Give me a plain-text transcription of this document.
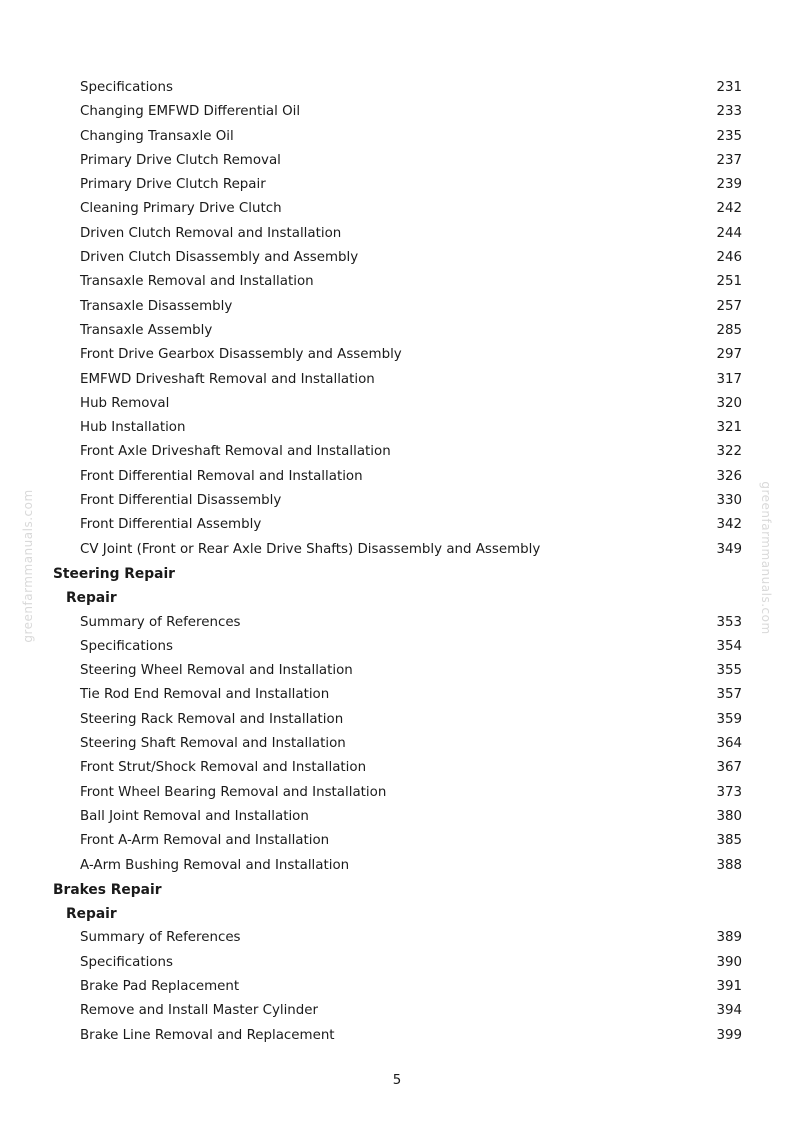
greenfarmmanuals.com	greenfarmmanuals.com
Specifications	231
Changing EMFWD Differential Oil	233
Changing Transaxle Oil	235
Primary Drive Clutch Removal	237
Primary Drive Clutch Repair	239
Cleaning Primary Drive Clutch	242
Driven Clutch Removal and Installation	244
Driven Clutch Disassembly and Assembly	246
Transaxle Removal and Installation	251
Transaxle Disassembly	257
Transaxle Assembly	285
Front Drive Gearbox Disassembly and Assembly	297
EMFWD Driveshaft Removal and Installation	317
Hub Removal	320
Hub Installation	321
Front Axle Driveshaft Removal and Installation	322
Front Differential Removal and Installation	326
Front Differential Disassembly	330
Front Differential Assembly	342
CV Joint (Front or Rear Axle Drive Shafts) Disassembly and Assembly	349
Steering Repair
Repair
Summary of References	353
Specifications	354
Steering Wheel Removal and Installation	355
Tie Rod End Removal and Installation	357
Steering Rack Removal and Installation	359
Steering Shaft Removal and Installation	364
Front Strut/Shock Removal and Installation	367
Front Wheel Bearing Removal and Installation	373
Ball Joint Removal and Installation	380
Front A-Arm Removal and Installation	385
A-Arm Bushing Removal and Installation	388
Brakes Repair
Repair
Summary of References	389
Specifications	390
Brake Pad Replacement	391
Remove and Install Master Cylinder	394
Brake Line Removal and Replacement	399
5
